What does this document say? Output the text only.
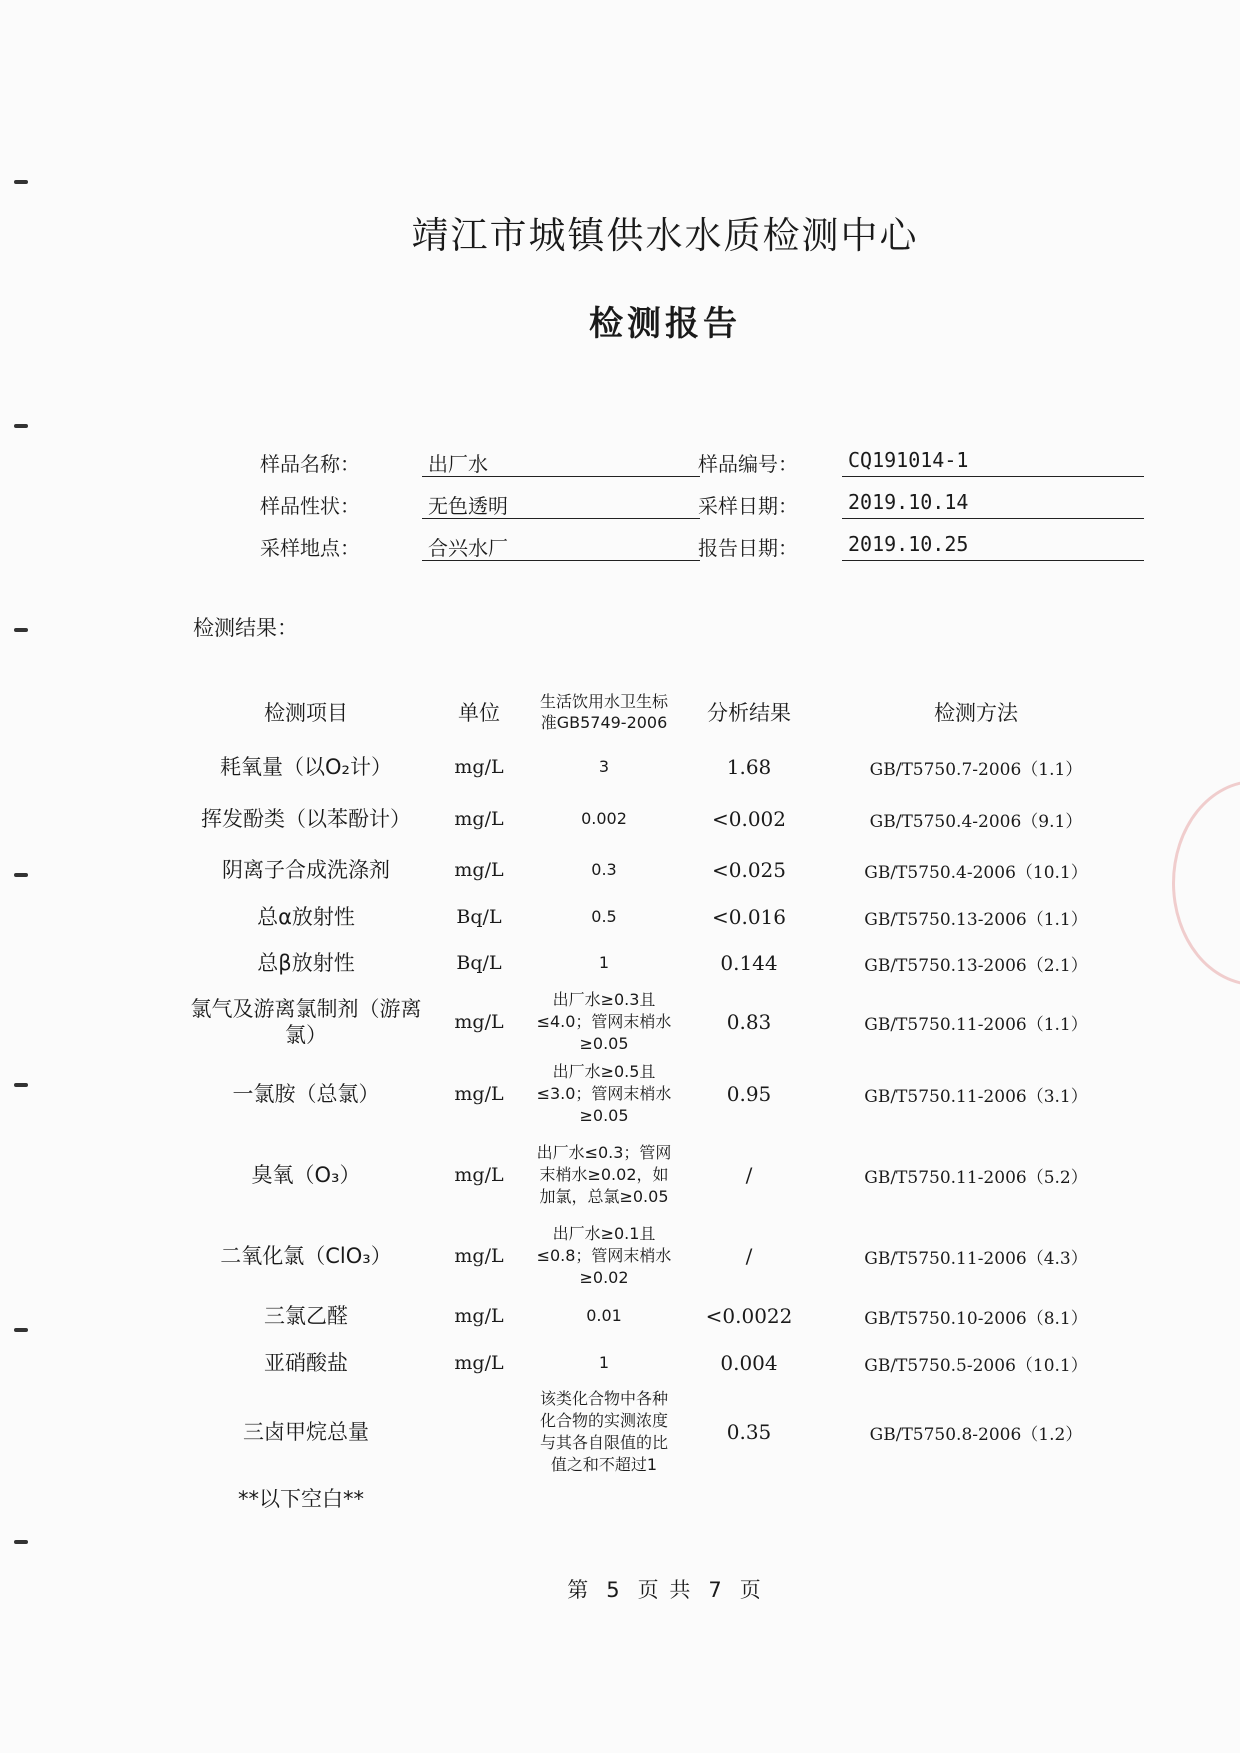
靖江市城镇供水水质检测中心
检测报告
样品名称：	出厂水	样品编号：	CQ191014-1
样品性状：	无色透明	采样日期：	2019.10.14
采样地点：	合兴水厂	报告日期：	2019.10.25
检测结果：
检测项目	单位	生活饮用水卫生标准GB5749-2006	分析结果	检测方法
耗氧量（以O₂计）	mg/L	3	1.68	GB/T5750.7-2006（1.1）
挥发酚类（以苯酚计）	mg/L	0.002	<0.002	GB/T5750.4-2006（9.1）
阴离子合成洗涤剂	mg/L	0.3	<0.025	GB/T5750.4-2006（10.1）
总α放射性	Bq/L	0.5	<0.016	GB/T5750.13-2006（1.1）
总β放射性	Bq/L	1	0.144	GB/T5750.13-2006（2.1）
氯气及游离氯制剂（游离氯）	mg/L	出厂水≥0.3且≤4.0；管网末梢水≥0.05	0.83	GB/T5750.11-2006（1.1）
一氯胺（总氯）	mg/L	出厂水≥0.5且≤3.0；管网末梢水≥0.05	0.95	GB/T5750.11-2006（3.1）
臭氧（O₃）	mg/L	出厂水≤0.3；管网末梢水≥0.02，如加氯，总氯≥0.05	/	GB/T5750.11-2006（5.2）
二氧化氯（ClO₃）	mg/L	出厂水≥0.1且≤0.8；管网末梢水≥0.02	/	GB/T5750.11-2006（4.3）
三氯乙醛	mg/L	0.01	<0.0022	GB/T5750.10-2006（8.1）
亚硝酸盐	mg/L	1	0.004	GB/T5750.5-2006（10.1）
三卤甲烷总量		该类化合物中各种化合物的实测浓度与其各自限值的比值之和不超过1	0.35	GB/T5750.8-2006（1.2）
**以下空白**
第 5 页 共 7 页
